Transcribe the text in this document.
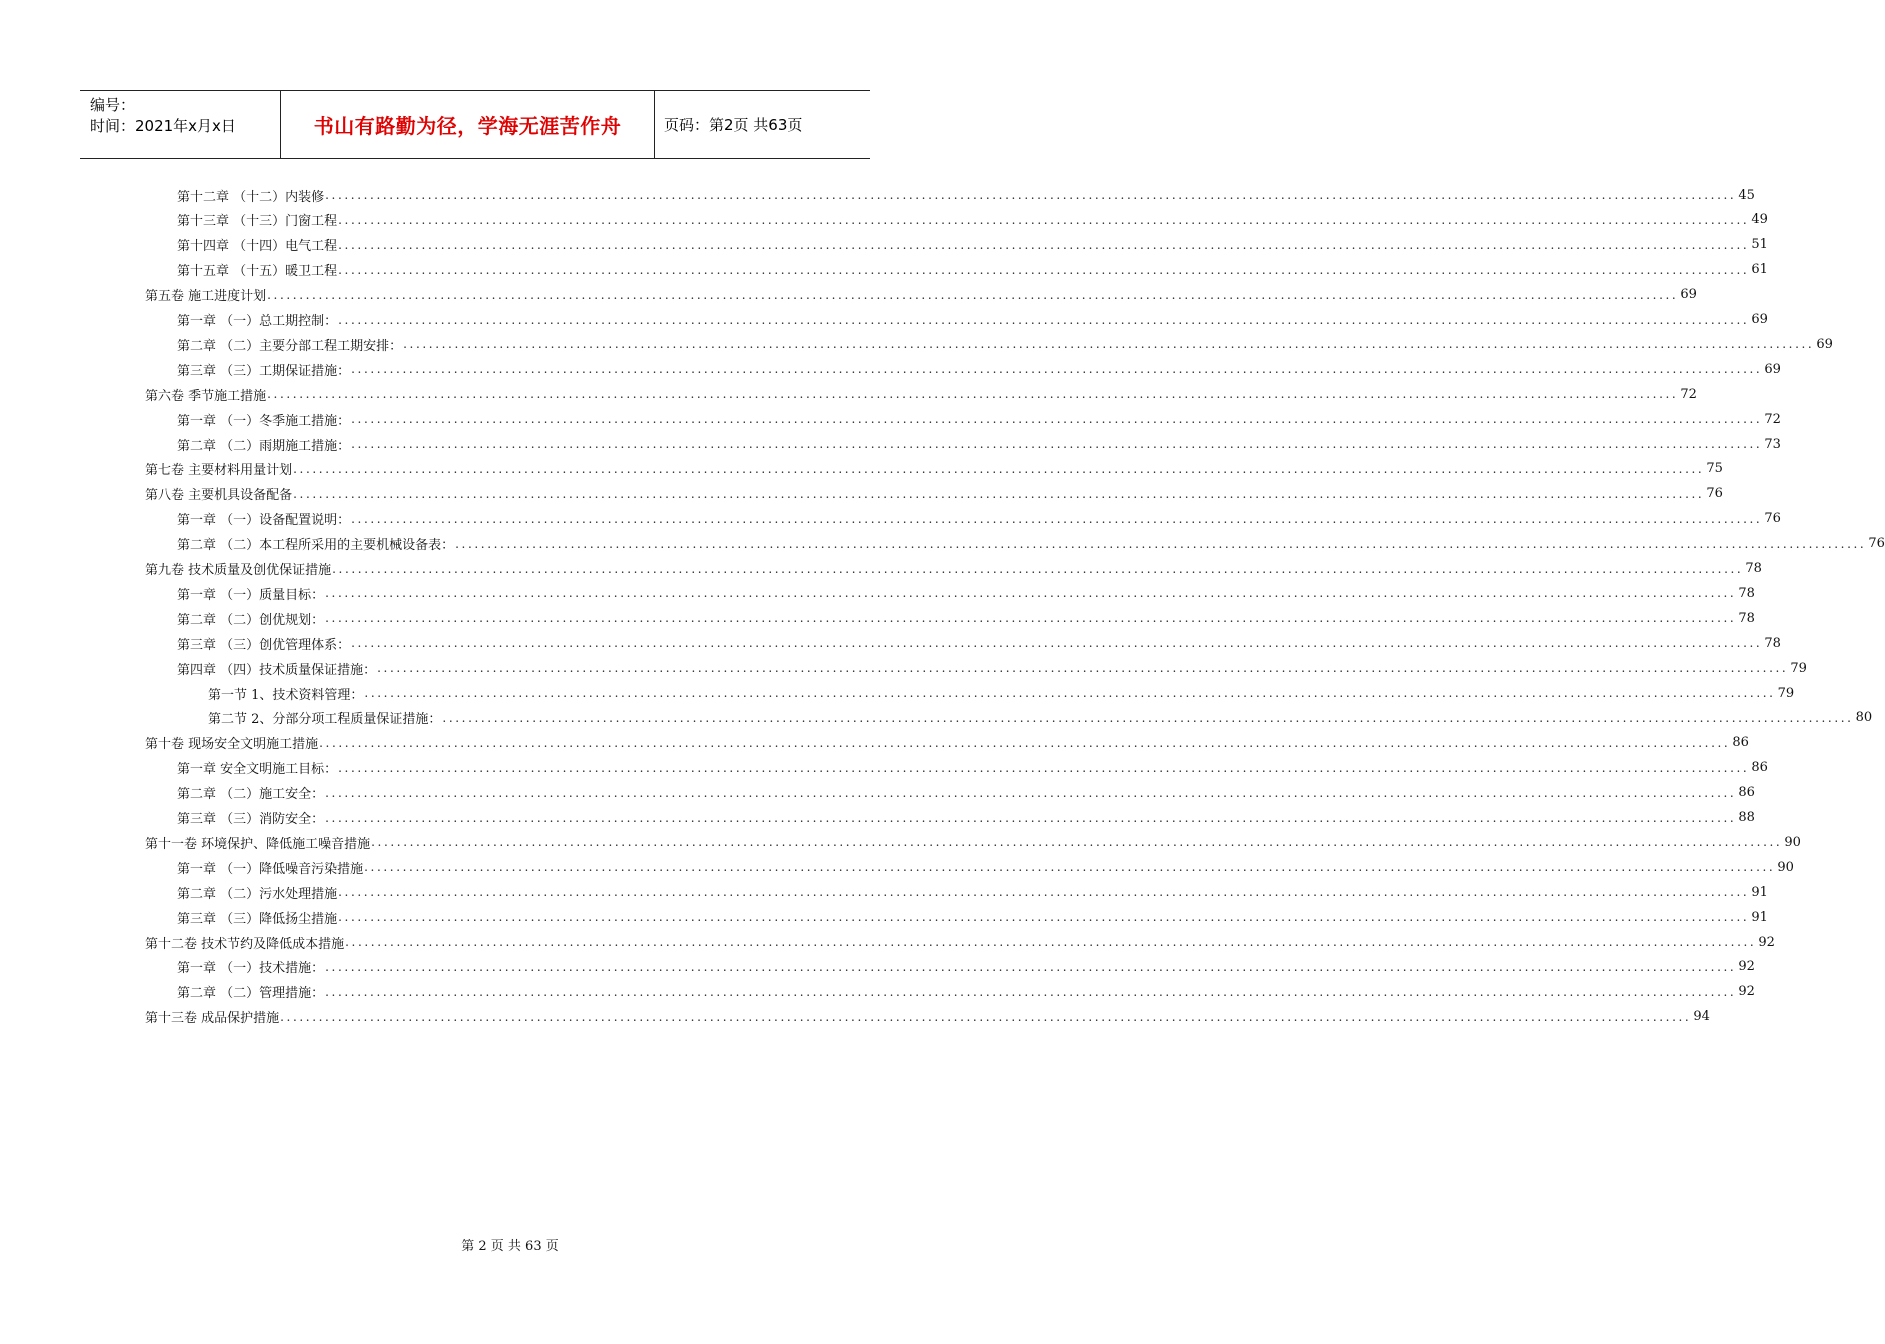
编号：
时间：2021年x月x日	书山有路勤为径，学海无涯苦作舟	页码：第2页 共63页
第十二章 （十二）内装修 ............................................................................................................................................................................................................................ 45
第十三章 （十三）门窗工程 ............................................................................................................................................................................................................................ 49
第十四章 （十四）电气工程 ............................................................................................................................................................................................................................ 51
第十五章 （十五）暖卫工程 ............................................................................................................................................................................................................................ 61
第五卷 施工进度计划 ............................................................................................................................................................................................................................ 69
第一章 （一）总工期控制： ............................................................................................................................................................................................................................ 69
第二章 （二）主要分部工程工期安排： ............................................................................................................................................................................................................................ 69
第三章 （三）工期保证措施： ............................................................................................................................................................................................................................ 69
第六卷 季节施工措施 ............................................................................................................................................................................................................................ 72
第一章 （一）冬季施工措施： ............................................................................................................................................................................................................................ 72
第二章 （二）雨期施工措施： ............................................................................................................................................................................................................................ 73
第七卷 主要材料用量计划 ............................................................................................................................................................................................................................ 75
第八卷 主要机具设备配备 ............................................................................................................................................................................................................................ 76
第一章 （一）设备配置说明： ............................................................................................................................................................................................................................ 76
第二章 （二）本工程所采用的主要机械设备表： ............................................................................................................................................................................................................................ 76
第九卷 技术质量及创优保证措施 ............................................................................................................................................................................................................................ 78
第一章 （一）质量目标： ............................................................................................................................................................................................................................ 78
第二章 （二）创优规划： ............................................................................................................................................................................................................................ 78
第三章 （三）创优管理体系： ............................................................................................................................................................................................................................ 78
第四章 （四）技术质量保证措施： ............................................................................................................................................................................................................................ 79
第一节 1、技术资料管理： ............................................................................................................................................................................................................................ 79
第二节 2、分部分项工程质量保证措施： ............................................................................................................................................................................................................................ 80
第十卷 现场安全文明施工措施 ............................................................................................................................................................................................................................ 86
第一章 安全文明施工目标： ............................................................................................................................................................................................................................ 86
第二章 （二）施工安全： ............................................................................................................................................................................................................................ 86
第三章 （三）消防安全： ............................................................................................................................................................................................................................ 88
第十一卷 环境保护、降低施工噪音措施 ............................................................................................................................................................................................................................ 90
第一章 （一）降低噪音污染措施 ............................................................................................................................................................................................................................ 90
第二章 （二）污水处理措施 ............................................................................................................................................................................................................................ 91
第三章 （三）降低扬尘措施 ............................................................................................................................................................................................................................ 91
第十二卷 技术节约及降低成本措施 ............................................................................................................................................................................................................................ 92
第一章 （一）技术措施： ............................................................................................................................................................................................................................ 92
第二章 （二）管理措施： ............................................................................................................................................................................................................................ 92
第十三卷 成品保护措施 ............................................................................................................................................................................................................................ 94
第 2 页 共 63 页
